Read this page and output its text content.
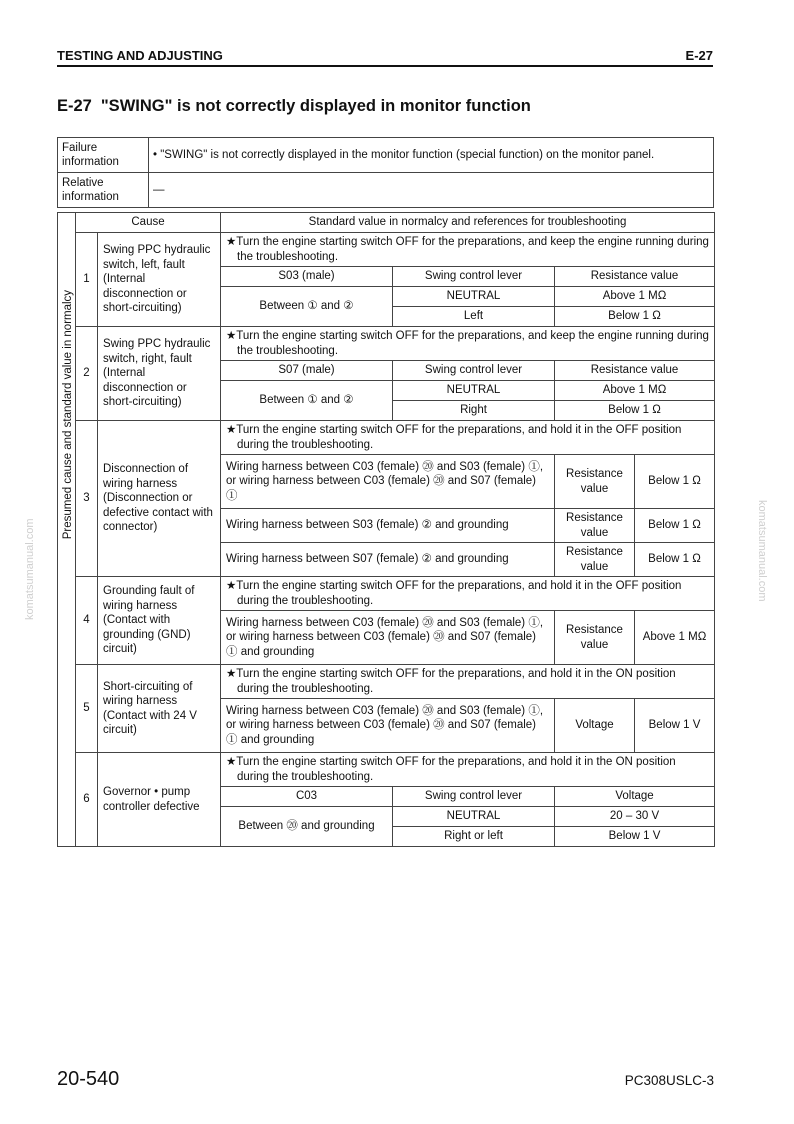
TESTING AND ADJUSTING	E-27
E-27 "SWING" is not correctly displayed in monitor function
Failure information	• "SWING" is not correctly displayed in the monitor function (special function) on the monitor panel.
Relative information	—
Presumed cause and standard value in normalcy	Cause		Standard value in normalcy and references for troubleshooting			
	1	Swing PPC hydraulic switch, left, fault (Internal disconnection or short-circuiting)	★Turn the engine starting switch OFF for the preparations, and keep the engine running during the troubleshooting.			
			S03 (male)	Swing control lever	Resistance value	
			Between ① and ②	NEUTRAL	Above 1 MΩ	
				Left	Below 1 Ω	
	2	Swing PPC hydraulic switch, right, fault (Internal disconnection or short-circuiting)	★Turn the engine starting switch OFF for the preparations, and keep the engine running during the troubleshooting.			
			S07 (male)	Swing control lever	Resistance value	
			Between ① and ②	NEUTRAL	Above 1 MΩ	
				Right	Below 1 Ω	
	3	Disconnection of wiring harness (Disconnection or defective contact with connector)	★Turn the engine starting switch OFF for the preparations, and hold it in the OFF position during the troubleshooting.			
			Wiring harness between C03 (female) ⑳ and S03 (female) ①, or wiring harness between C03 (female) ⑳ and S07 (female) ①		Resistance value	Below 1 Ω
			Wiring harness between S03 (female) ② and grounding		Resistance value	Below 1 Ω
			Wiring harness between S07 (female) ② and grounding		Resistance value	Below 1 Ω
	4	Grounding fault of wiring harness (Contact with grounding (GND) circuit)	★Turn the engine starting switch OFF for the preparations, and hold it in the OFF position during the troubleshooting.			
			Wiring harness between C03 (female) ⑳ and S03 (female) ①, or wiring harness between C03 (female) ⑳ and S07 (female) ① and grounding		Resistance value	Above 1 MΩ
	5	Short-circuiting of wiring harness (Contact with 24 V circuit)	★Turn the engine starting switch OFF for the preparations, and hold it in the ON position during the troubleshooting.			
			Wiring harness between C03 (female) ⑳ and S03 (female) ①, or wiring harness between C03 (female) ⑳ and S07 (female) ① and grounding		Voltage	Below 1 V
	6	Governor • pump controller defective	★Turn the engine starting switch OFF for the preparations, and hold it in the ON position during the troubleshooting.			
			C03	Swing control lever	Voltage	
			Between ⑳ and grounding	NEUTRAL	20 – 30 V	
				Right or left	Below 1 V	
komatsumanual.com	komatsumanual.com
20-540	PC308USLC-3
